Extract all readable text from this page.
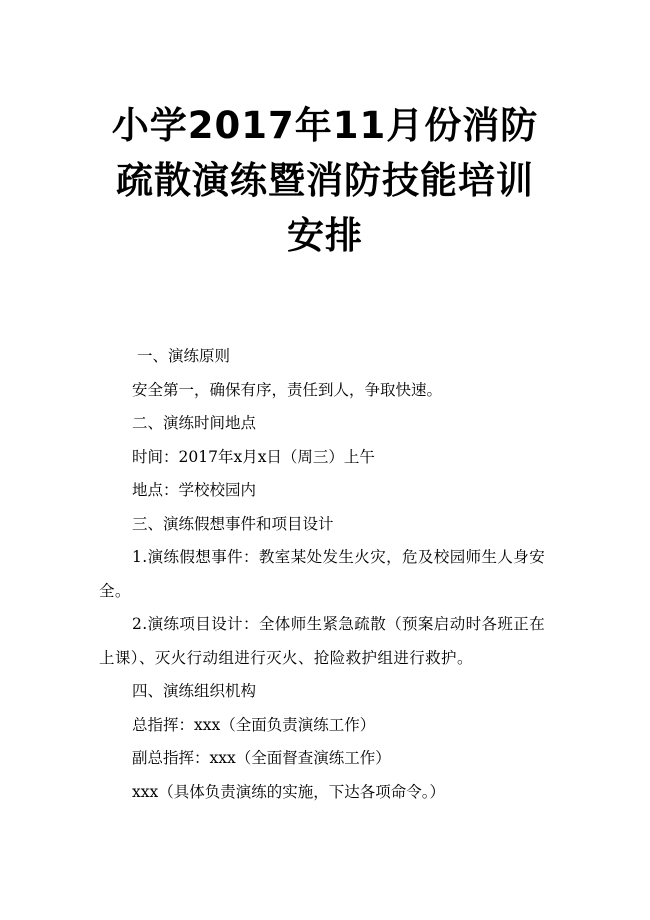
小学2017年11月份消防
疏散演练暨消防技能培训
安排

一、演练原则

安全第一，确保有序，责任到人，争取快速。

二、演练时间地点

时间：2017年x月x日（周三）上午

地点：学校校园内

三、演练假想事件和项目设计

1.演练假想事件：教室某处发生火灾，危及校园师生人身安全。

2.演练项目设计：全体师生紧急疏散（预案启动时各班正在上课）、灭火行动组进行灭火、抢险救护组进行救护。

四、演练组织机构

总指挥：xxx（全面负责演练工作）

副总指挥：xxx（全面督查演练工作）

xxx（具体负责演练的实施，下达各项命令。）
